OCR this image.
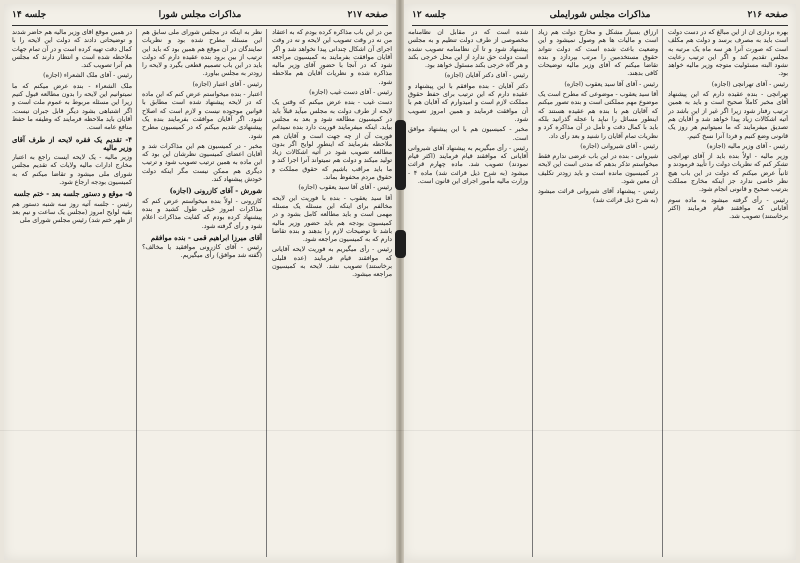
صفحه ۲۱۷
مذاکرات مجلس شورا
جلسه ۱۴

من در این باب مذاکره کرده بودم که به اعتقاد من نه در وقت تصویب این لایحه و نه در وقت اجرای آن اشکال چندانی پیدا نخواهد شد و اگر آقایان موافقت بفرمایند به کمیسیون مراجعه شود که در آنجا با حضور آقای وزیر مالیه مذاکره شده و نظریات آقایان هم ملاحظه شود.

رئیس - آقای دست غیب (اجازه)

دست غیب - بنده عرض میکنم که وقتی یک لایحه از طرف دولت به مجلس میآید قبلاً باید در کمیسیون مطالعه شود و بعد به مجلس بیاید. اینکه میفرمایند فوریت دارد بنده نمیدانم فوریت آن از چه جهت است و آقایان هم ملاحظه بفرمایند که اینطور لوایح اگر بدون مطالعه تصویب شود در آتیه اشکالات زیاد تولید میکند و دولت هم نمیتواند آنرا اجرا کند و ما باید مراقب باشیم که حقوق مملکت و حقوق مردم محفوظ بماند.

رئیس - آقای آقا سید یعقوب (اجازه)

آقا سید یعقوب - بنده با فوریت این لایحه مخالفم برای اینکه این مسئله یک مسئله مهمی است و باید مطالعه کامل بشود و در کمیسیون بودجه هم باید حضور وزیر مالیه باشد تا توضیحات لازم را بدهند و بنده تقاضا دارم که به کمیسیون مراجعه شود.

رئیس - رأی میگیریم به فوریت لایحه آقایانی که موافقند قیام فرمایند (عده قلیلی برخاستند) تصویب نشد. لایحه به کمیسیون مراجعه میشود.

نظر به اینکه در مجلس شورای ملی سابق هم این مسئله مطرح شده بود و نظریات نمایندگان در آن موقع هم همین بود که باید این ترتیب از بین برود بنده عقیده دارم که دولت باید در این باب تصمیم قطعی بگیرد و لایحه را زودتر به مجلس بیاورد.

رئیس - آقای اعتبار (اجازه)

اعتبار - بنده میخواستم عرض کنم که این ماده که در لایحه پیشنهاد شده است مطابق با قوانین موجوده نیست و لازم است که اصلاح شود. اگر آقایان موافقت بفرمایند بنده یک پیشنهادی تقدیم میکنم که در کمیسیون مطرح شود.

مخبر - در کمیسیون هم این مذاکرات شد و آقایان اعضای کمیسیون نظرشان این بود که این ماده به همین ترتیب تصویب شود و ترتیب دیگری هم ممکن نیست مگر اینکه دولت خودش پیشنهاد کند.

شورش - آقای کازرونی (اجازه)

کازرونی - اولاً بنده میخواستم عرض کنم که مذاکرات امروز خیلی طول کشید و بنده پیشنهاد کرده بودم که کفایت مذاکرات اعلام شود و رأی گرفته شود.

آقای میرزا ابراهیم قمی - بنده موافقم

رئیس - آقای کازرونی موافقید یا مخالف؟ (گفته شد موافق) رأی میگیریم.

در همین موقع آقای وزیر مالیه هم حاضر شدند و توضیحاتی دادند که دولت این لایحه را با کمال دقت تهیه کرده است و در آن تمام جهات ملاحظه شده است و انتظار دارند که مجلس هم آنرا تصویب کند.

رئیس - آقای ملک الشعراء (اجازه)

ملک الشعراء - بنده عرض میکنم که ما نمیتوانیم این لایحه را بدون مطالعه قبول کنیم زیرا این مسئله مربوط به عموم ملت است و اگر اشتباهی بشود دیگر قابل جبران نیست. آقایان باید ملاحظه فرمایند که وظیفه ما حفظ منافع عامه است.

۴- تقدیم یک فقره لایحه از طرف آقای وزیر مالیه

وزیر مالیه - یک لایحه ایست راجع به اعتبار مخارج ادارات مالیه ولایات که تقدیم مجلس شورای ملی میشود و تقاضا میکنم که به کمیسیون بودجه ارجاع شود.

۵- موقع و دستور جلسه بعد - ختم جلسه

رئیس - جلسه آتیه روز سه شنبه دستور هم بقیه لوایح امروز (مجلس یک ساعت و نیم بعد از ظهر ختم شد) رئیس مجلس شورای ملی

صفحه ۲۱۶
مذاکرات مجلس شورایملی
جلسه ۱۲

بهره برداری آن از این مبالغ که در دست دولت است باید به مصرف برسد و دولت هم مکلف است که صورت آنرا هر سه ماه یک مرتبه به مجلس تقدیم کند و اگر این ترتیب رعایت نشود البته مسئولیت متوجه وزیر مالیه خواهد بود.

رئیس - آقای تهرانچی (اجازه)

تهرانچی - بنده عقیده دارم که این پیشنهاد آقای مخبر کاملاً صحیح است و باید به همین ترتیب رفتار شود زیرا اگر غیر از این باشد در آتیه اشکالات زیاد پیدا خواهد شد و آقایان هم تصدیق میفرمایند که ما نمیتوانیم هر روز یک قانونی وضع کنیم و فردا آنرا نسخ کنیم.

رئیس - آقای وزیر مالیه (اجازه)

وزیر مالیه - اولاً بنده باید از آقای تهرانچی تشکر کنم که نظریات دولت را تأیید فرمودند و ثانیاً عرض میکنم که دولت در این باب هیچ نظر خاصی ندارد جز اینکه مخارج مملکت بترتیب صحیح و قانونی انجام شود.

رئیس - رأی گرفته میشود به ماده سوم آقایانی که موافقند قیام فرمایند (اکثر برخاستند) تصویب شد.

ارزاق بسیار مشکل و مخارج دولت هم زیاد است و مالیات ها هم وصول نمیشود و این وضعیت باعث شده است که دولت نتواند حقوق مستخدمین را مرتب بپردازد و بنده تقاضا میکنم که آقای وزیر مالیه توضیحات کافی بدهند.

رئیس - آقای آقا سید یعقوب (اجازه)

آقا سید یعقوب - موضوعی که مطرح است یک موضوع مهم مملکتی است و بنده تصور میکنم که آقایان هم با بنده هم عقیده هستند که اینطور مسائل را نباید با عجله گذرانید بلکه باید با کمال دقت و تأمل در آن مذاکره کرد و نظریات تمام آقایان را شنید و بعد رأی داد.

رئیس - آقای شیروانی (اجازه)

شیروانی - بنده در این باب عرضی ندارم فقط میخواستم تذکر بدهم که مدتی است این لایحه در کمیسیون مانده است و باید زودتر تکلیف آن معین شود.

رئیس - پیشنهاد آقای شیروانی قرائت میشود (به شرح ذیل قرائت شد)

شده است که در مقابل آن نظامنامه مخصوصی از طرف دولت تنظیم و به مجلس پیشنهاد شود و تا آن نظامنامه تصویب نشده است دولت حق ندارد از این محل خرجی بکند و هر گاه خرجی بکند مسئول خواهد بود.

رئیس - آقای دکتر آقایان (اجازه)

دکتر آقایان - بنده موافقم با این پیشنهاد و عقیده دارم که این ترتیب برای حفظ حقوق مملکت لازم است و امیدوارم که آقایان هم با آن موافقت فرمایند و همین امروز تصویب شود.

مخبر - کمیسیون هم با این پیشنهاد موافق است.

رئیس - رأی میگیریم به پیشنهاد آقای شیروانی آقایانی که موافقند قیام فرمایند (اکثر قیام نمودند) تصویب شد. ماده چهارم قرائت میشود (به شرح ذیل قرائت شد) ماده ۴ - وزارت مالیه مأمور اجرای این قانون است.
